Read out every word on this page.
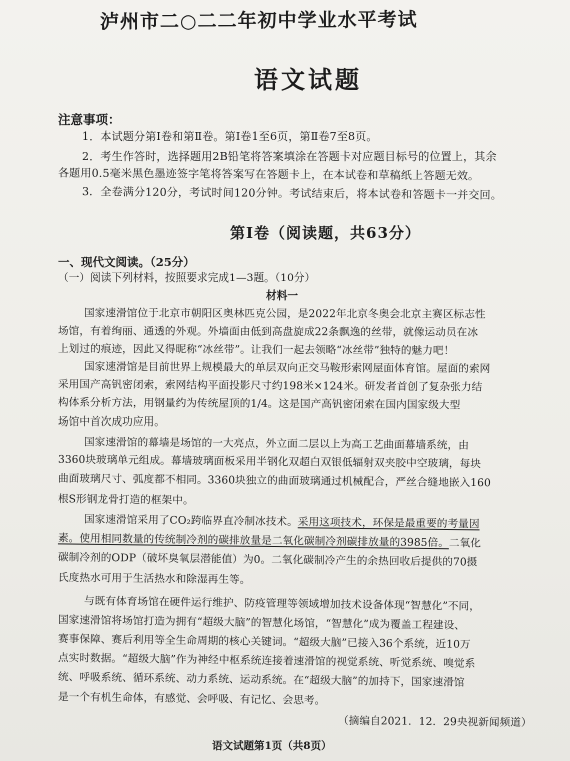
泸州市二○二二年初中学业水平考试
语文试题
注意事项：
1．本试题分第Ⅰ卷和第Ⅱ卷。第Ⅰ卷1至6页，第Ⅱ卷7至8页。
2．考生作答时，选择题用2B铅笔将答案填涂在答题卡对应题目标号的位置上，其余
各题用0.5毫米黑色墨迹签字笔将答案写在答题卡上，在本试卷和草稿纸上答题无效。
3．全卷满分120分，考试时间120分钟。考试结束后，将本试卷和答题卡一并交回。
第Ⅰ卷（阅读题，共63分）
一、现代文阅读。（25分）
（一）阅读下列材料，按照要求完成1—3题。（10分）
材料一
国家速滑馆位于北京市朝阳区奥林匹克公园，是2022年北京冬奥会北京主赛区标志性
场馆，有着绚丽、通透的外观。外墙面由低到高盘旋成22条飘逸的丝带，就像运动员在冰
上划过的痕迹，因此又得昵称“冰丝带”。让我们一起去领略“冰丝带”独特的魅力吧！
国家速滑馆是目前世界上规模最大的单层双向正交马鞍形索网屋面体育馆。屋面的索网
采用国产高钒密闭索，索网结构平面投影尺寸约198米×124米。研发者首创了复杂张力结
构体系分析方法，用钢量约为传统屋顶的1/4。这是国产高钒密闭索在国内国家级大型
场馆中首次成功应用。
国家速滑馆的幕墙是场馆的一大亮点，外立面二层以上为高工艺曲面幕墙系统，由
3360块玻璃单元组成。幕墙玻璃面板采用半钢化双超白双银低辐射双夹胶中空玻璃，每块
曲面玻璃尺寸、弧度都不相同。3360块独立的曲面玻璃通过机械配合，严丝合缝地嵌入160
根S形钢龙骨打造的框架中。
国家速滑馆采用了CO₂跨临界直冷制冰技术。采用这项技术，环保是最重要的考量因
素。使用相同数量的传统制冷剂的碳排放量是二氧化碳制冷剂碳排放量的3985倍。二氧化
碳制冷剂的ODP（破坏臭氧层潜能值）为0。二氧化碳制冷产生的余热回收后提供的70摄
氏度热水可用于生活热水和除湿再生等。
与既有体育场馆在硬件运行维护、防疫管理等领域增加技术设备体现“智慧化”不同，
国家速滑馆将场馆打造为拥有“超级大脑”的智慧化场馆，“智慧化”成为覆盖工程建设、
赛事保障、赛后利用等全生命周期的核心关键词。“超级大脑”已接入36个系统，近10万
点实时数据。“超级大脑”作为神经中枢系统连接着速滑馆的视觉系统、听觉系统、嗅觉系
统、呼吸系统、循环系统、动力系统、运动系统。在“超级大脑”的加持下，国家速滑馆
是一个有机生命体，有感觉、会呼吸、有记忆、会思考。
（摘编自2021．12．29央视新闻频道）
语文试题第1页（共8页）
